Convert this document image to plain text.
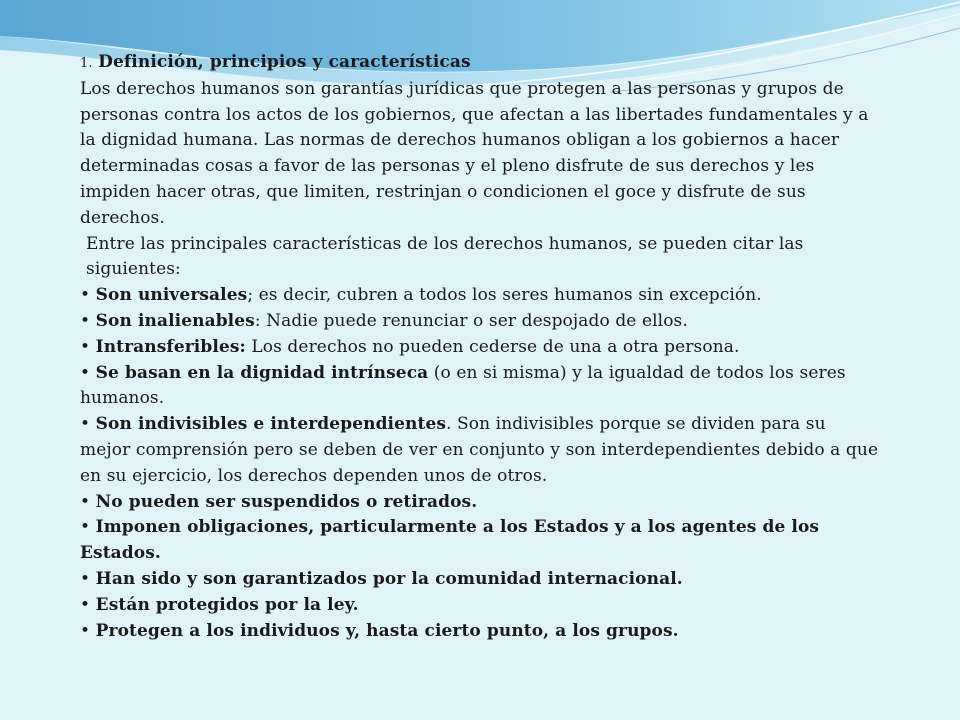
1. Definición, principios y características

Los derechos humanos son garantías jurídicas que protegen a las personas y grupos de personas contra los actos de los gobiernos, que afectan a las libertades fundamentales y a la dignidad humana. Las normas de derechos humanos obligan a los gobiernos a hacer determinadas cosas a favor de las personas y el pleno disfrute de sus derechos y les impiden hacer otras, que limiten, restrinjan o condicionen el goce y disfrute de sus derechos.

Entre las principales características de los derechos humanos, se pueden citar las siguientes:

• Son universales; es decir, cubren a todos los seres humanos sin excepción.

• Son inalienables: Nadie puede renunciar o ser despojado de ellos.

• Intransferibles: Los derechos no pueden cederse de una a otra persona.

• Se basan en la dignidad intrínseca (o en si misma) y la igualdad de todos los seres humanos.

• Son indivisibles e interdependientes. Son indivisibles porque se dividen para su mejor comprensión pero se deben de ver en conjunto y son interdependientes debido a que en su ejercicio, los derechos dependen unos de otros.

• No pueden ser suspendidos o retirados.

• Imponen obligaciones, particularmente a los Estados y a los agentes de los Estados.

• Han sido y son garantizados por la comunidad internacional.

• Están protegidos por la ley.

• Protegen a los individuos y, hasta cierto punto, a los grupos.
